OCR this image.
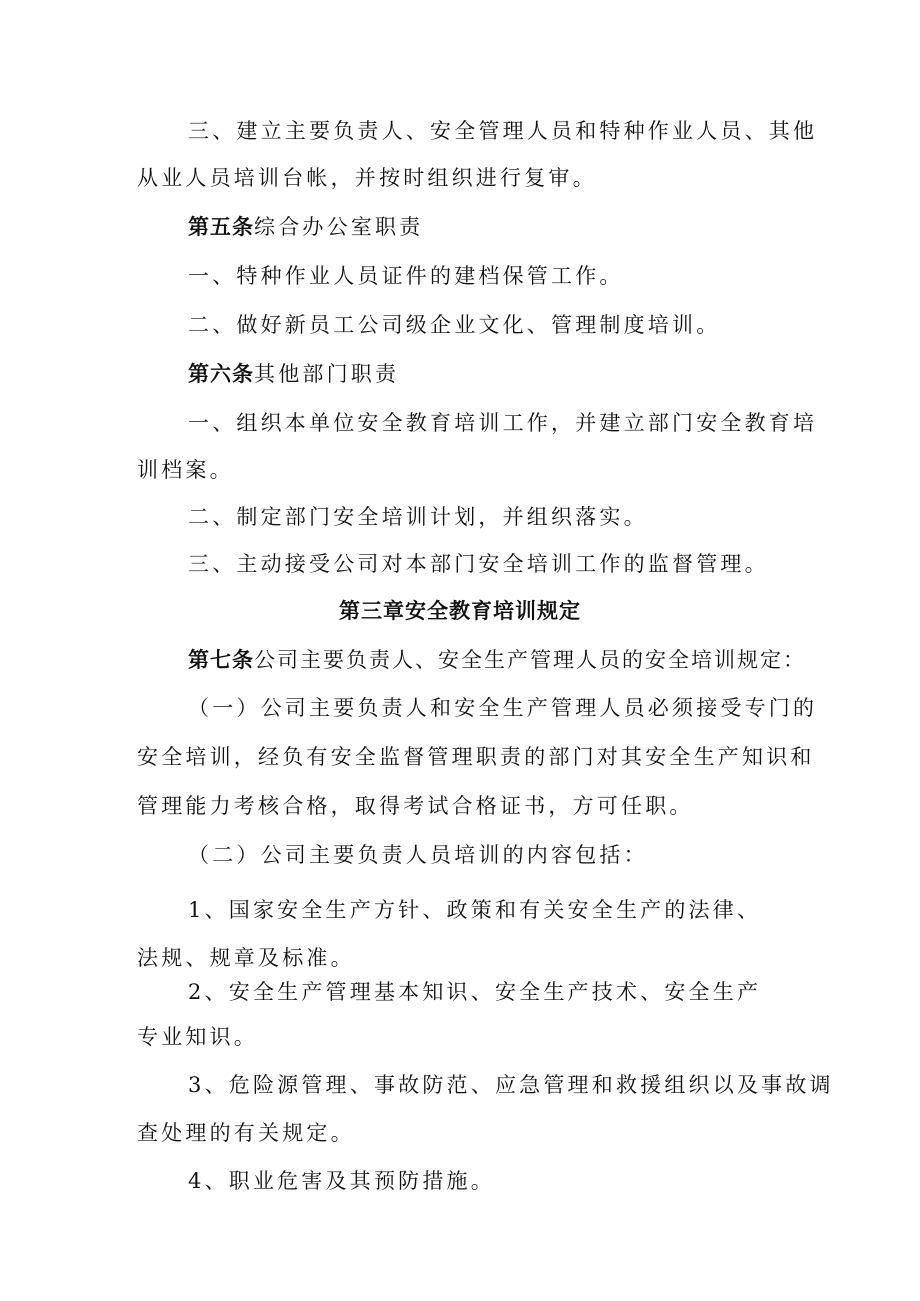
三、建立主要负责人、安全管理人员和特种作业人员、其他
从业人员培训台帐，并按时组织进行复审。
第五条综合办公室职责
一、特种作业人员证件的建档保管工作。
二、做好新员工公司级企业文化、管理制度培训。
第六条其他部门职责
一、组织本单位安全教育培训工作，并建立部门安全教育培
训档案。
二、制定部门安全培训计划，并组织落实。
三、主动接受公司对本部门安全培训工作的监督管理。
第三章安全教育培训规定
第七条公司主要负责人、安全生产管理人员的安全培训规定：
（一）公司主要负责人和安全生产管理人员必须接受专门的
安全培训，经负有安全监督管理职责的部门对其安全生产知识和
管理能力考核合格，取得考试合格证书，方可任职。
（二）公司主要负责人员培训的内容包括：
1、国家安全生产方针、政策和有关安全生产的法律、
法规、规章及标准。
2、安全生产管理基本知识、安全生产技术、安全生产
专业知识。
3、危险源管理、事故防范、应急管理和救援组织以及事故调
查处理的有关规定。
4、职业危害及其预防措施。
